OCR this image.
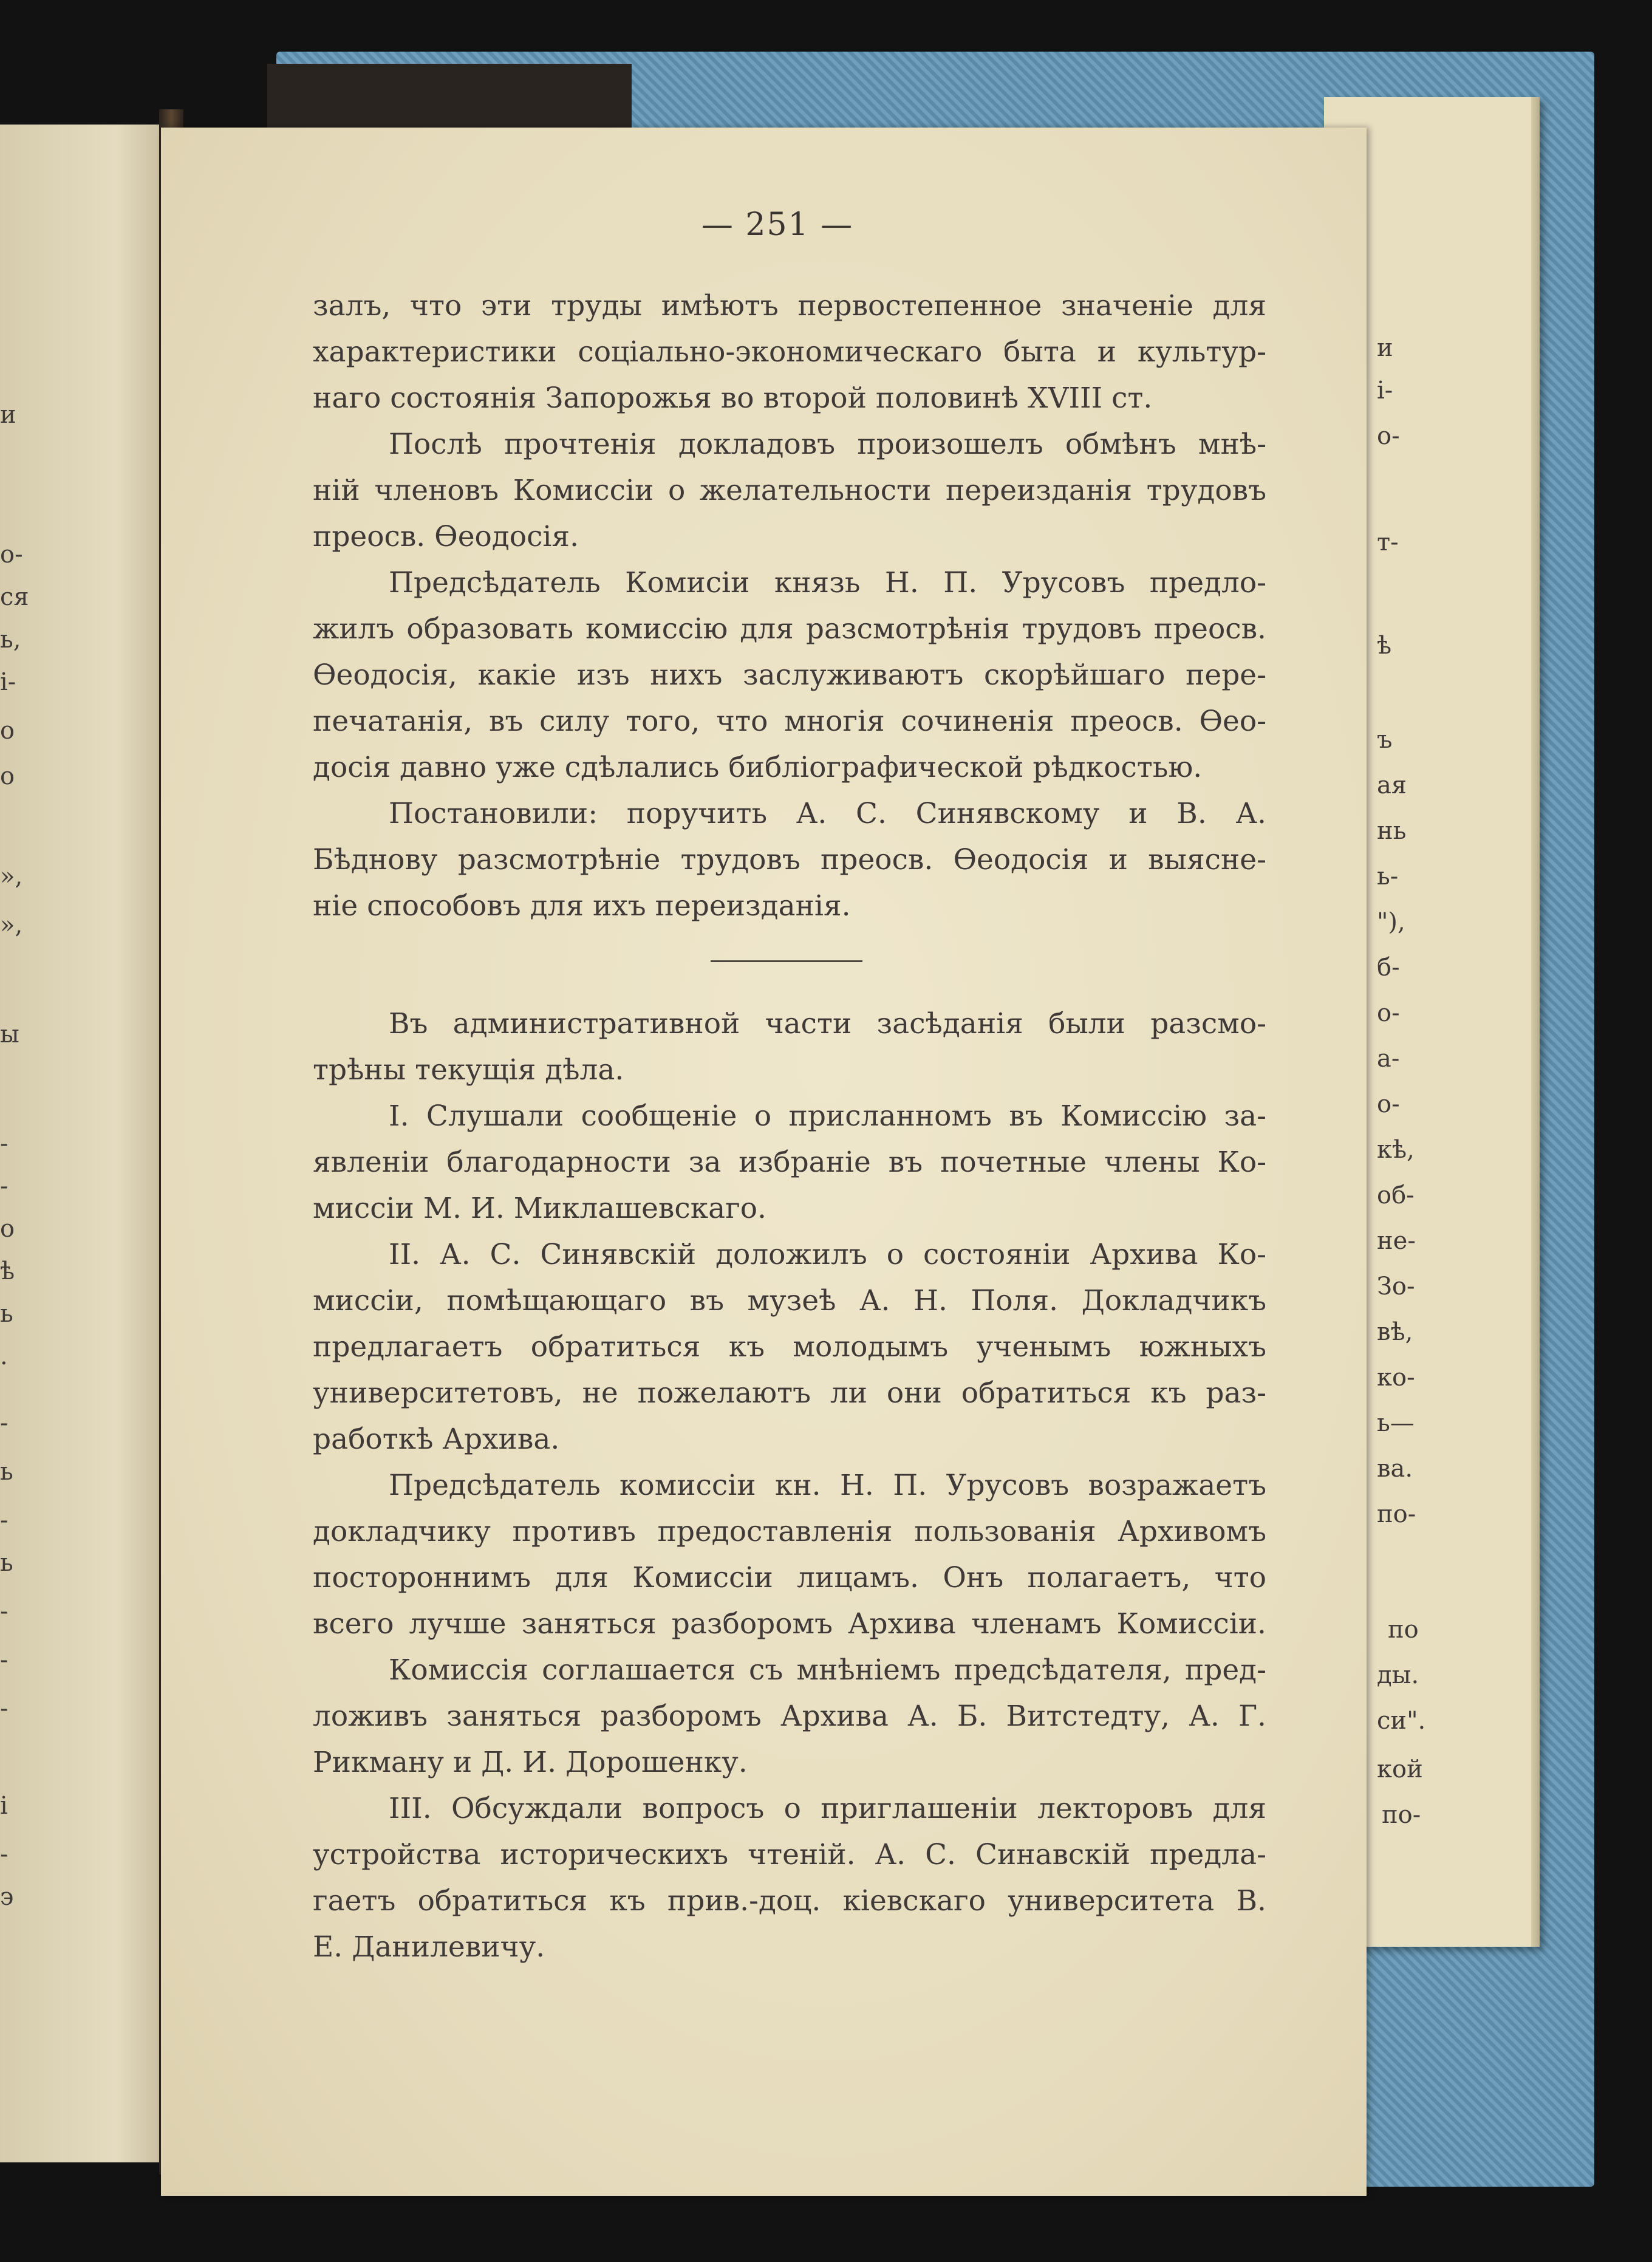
и
і-
о-
т-
ѣ
ъ
ая
нь
ь-
"),
б-
о-
а-
о-
кѣ,
об-
не-
Зо-
вѣ,
ко-
ь—
ва.
по-
по
ды.
си".
кой
по-
и
о-
ся
ь,
і-
о
о
»,
»,
ы
-
-
о
ѣ
ь
.
-
ь
-
ь
-
-
-
і
-
э
— 251 —
залъ, что эти труды имѣютъ первостепенное значеніе для
характеристики соціально-экономическаго быта и культур-
наго состоянія Запорожья во второй половинѣ XVIII ст.
Послѣ прочтенія докладовъ произошелъ обмѣнъ мнѣ-
ній членовъ Комиссіи о желательности переизданія трудовъ
преосв. Ѳеодосія.
Предсѣдатель Комисіи князь Н. П. Урусовъ предло-
жилъ образовать комиссію для разсмотрѣнія трудовъ преосв.
Ѳеодосія, какіе изъ нихъ заслуживаютъ скорѣйшаго пере-
печатанія, въ силу того, что многія сочиненія преосв. Ѳео-
досія давно уже сдѣлались библіографической рѣдкостью.
Постановили: поручить А. С. Синявскому и В. А.
Бѣднову разсмотрѣніе трудовъ преосв. Ѳеодосія и выясне-
ніе способовъ для ихъ переизданія.
Въ административной части засѣданія были разсмо-
трѣны текущія дѣла.
I. Слушали сообщеніе о присланномъ въ Комиссію за-
явленіи благодарности за избраніе въ почетные члены Ко-
миссіи М. И. Миклашевскаго.
II. А. С. Синявскій доложилъ о состояніи Архива Ко-
миссіи, помѣщающаго въ музеѣ А. Н. Поля. Докладчикъ
предлагаетъ обратиться къ молодымъ ученымъ южныхъ
университетовъ, не пожелаютъ ли они обратиться къ раз-
работкѣ Архива.
Предсѣдатель комиссіи кн. Н. П. Урусовъ возражаетъ
докладчику противъ предоставленія пользованія Архивомъ
постороннимъ для Комиссіи лицамъ. Онъ полагаетъ, что
всего лучше заняться разборомъ Архива членамъ Комиссіи.
Комиссія соглашается съ мнѣніемъ предсѣдателя, пред-
ложивъ заняться разборомъ Архива А. Б. Витстедту, А. Г.
Рикману и Д. И. Дорошенку.
III. Обсуждали вопросъ о приглашеніи лекторовъ для
устройства историческихъ чтеній. А. С. Синавскій предла-
гаетъ обратиться къ прив.-доц. кіевскаго университета В.
Е. Данилевичу.
